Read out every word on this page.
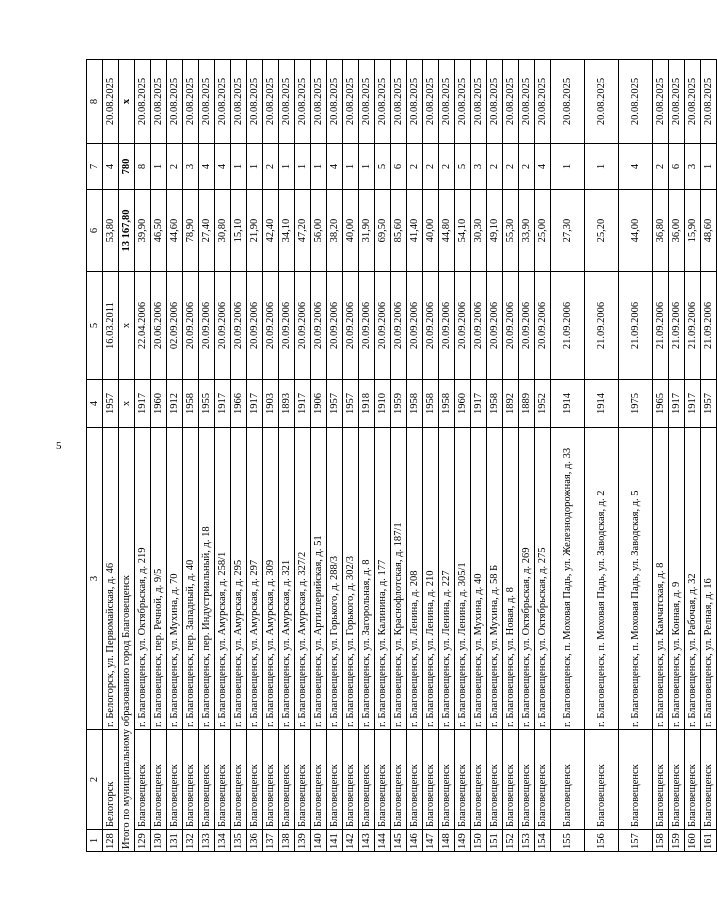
5
1	2	3	4	5	6	7	8
128	Белогорск	г. Белогорск, ул. Первомайская, д. 46	1957	16.03.2011	53,80	4	20.08.2025
Итого по муниципальному образованию город Благовещенск			х	х	13 167,80	780	х
129	Благовещенск	г. Благовещенск, ул. Октябрьская, д. 219	1917	22.04.2006	39,90	8	20.08.2025
130	Благовещенск	г. Благовещенск, пер. Речной, д. 9/5	1960	20.06.2006	46,50	1	20.08.2025
131	Благовещенск	г. Благовещенск, ул. Мухина, д. 70	1912	02.09.2006	44,60	2	20.08.2025
132	Благовещенск	г. Благовещенск, пер. Западный, д. 40	1958	20.09.2006	78,90	3	20.08.2025
133	Благовещенск	г. Благовещенск, пер. Индустриальный, д. 18	1955	20.09.2006	27,40	4	20.08.2025
134	Благовещенск	г. Благовещенск, ул. Амурская, д. 258/1	1917	20.09.2006	30,80	4	20.08.2025
135	Благовещенск	г. Благовещенск, ул. Амурская, д. 295	1966	20.09.2006	15,10	1	20.08.2025
136	Благовещенск	г. Благовещенск, ул. Амурская, д. 297	1917	20.09.2006	21,90	1	20.08.2025
137	Благовещенск	г. Благовещенск, ул. Амурская, д. 309	1903	20.09.2006	42,40	2	20.08.2025
138	Благовещенск	г. Благовещенск, ул. Амурская, д. 321	1893	20.09.2006	34,10	1	20.08.2025
139	Благовещенск	г. Благовещенск, ул. Амурская, д. 327/2	1917	20.09.2006	47,20	1	20.08.2025
140	Благовещенск	г. Благовещенск, ул. Артиллерийская, д. 51	1906	20.09.2006	56,00	1	20.08.2025
141	Благовещенск	г. Благовещенск, ул. Горького, д. 288/3	1957	20.09.2006	38,20	4	20.08.2025
142	Благовещенск	г. Благовещенск, ул. Горького, д. 302/3	1957	20.09.2006	40,00	1	20.08.2025
143	Благовещенск	г. Благовещенск, ул. Загорольная, д. 8	1918	20.09.2006	31,90	1	20.08.2025
144	Благовещенск	г. Благовещенск, ул. Калинина, д. 177	1910	20.09.2006	69,50	5	20.08.2025
145	Благовещенск	г. Благовещенск, ул. Краснофлотская, д. 187/1	1959	20.09.2006	85,60	6	20.08.2025
146	Благовещенск	г. Благовещенск, ул. Ленина, д. 208	1958	20.09.2006	41,40	2	20.08.2025
147	Благовещенск	г. Благовещенск, ул. Ленина, д. 210	1958	20.09.2006	40,00	2	20.08.2025
148	Благовещенск	г. Благовещенск, ул. Ленина, д. 227	1958	20.09.2006	44,80	2	20.08.2025
149	Благовещенск	г. Благовещенск, ул. Ленина, д. 305/1	1960	20.09.2006	54,10	5	20.08.2025
150	Благовещенск	г. Благовещенск, ул. Мухина, д. 40	1917	20.09.2006	30,30	3	20.08.2025
151	Благовещенск	г. Благовещенск, ул. Мухина, д. 58 Б	1958	20.09.2006	49,10	2	20.08.2025
152	Благовещенск	г. Благовещенск, ул. Новая, д. 8	1892	20.09.2006	55,30	2	20.08.2025
153	Благовещенск	г. Благовещенск, ул. Октябрьская, д. 269	1889	20.09.2006	33,90	2	20.08.2025
154	Благовещенск	г. Благовещенск, ул. Октябрьская, д. 275	1952	20.09.2006	25,00	4	20.08.2025
155	Благовещенск	г. Благовещенск, п. Моховая Падь, ул. Железнодорожная, д. 33	1914	21.09.2006	27,30	1	20.08.2025
156	Благовещенск	г. Благовещенск, п. Моховая Падь, ул. Заводская, д. 2	1914	21.09.2006	25,20	1	20.08.2025
157	Благовещенск	г. Благовещенск, п. Моховая Падь, ул. Заводская, д. 5	1975	21.09.2006	44,00	4	20.08.2025
158	Благовещенск	г. Благовещенск, ул. Камчатская, д. 8	1965	21.09.2006	36,80	2	20.08.2025
159	Благовещенск	г. Благовещенск, ул. Конная, д. 9	1917	21.09.2006	36,00	6	20.08.2025
160	Благовещенск	г. Благовещенск, ул. Рабочая, д. 32	1917	21.09.2006	15,90	3	20.08.2025
161	Благовещенск	г. Благовещенск, ул. Релная, д. 16	1957	21.09.2006	48,60	1	20.08.2025
